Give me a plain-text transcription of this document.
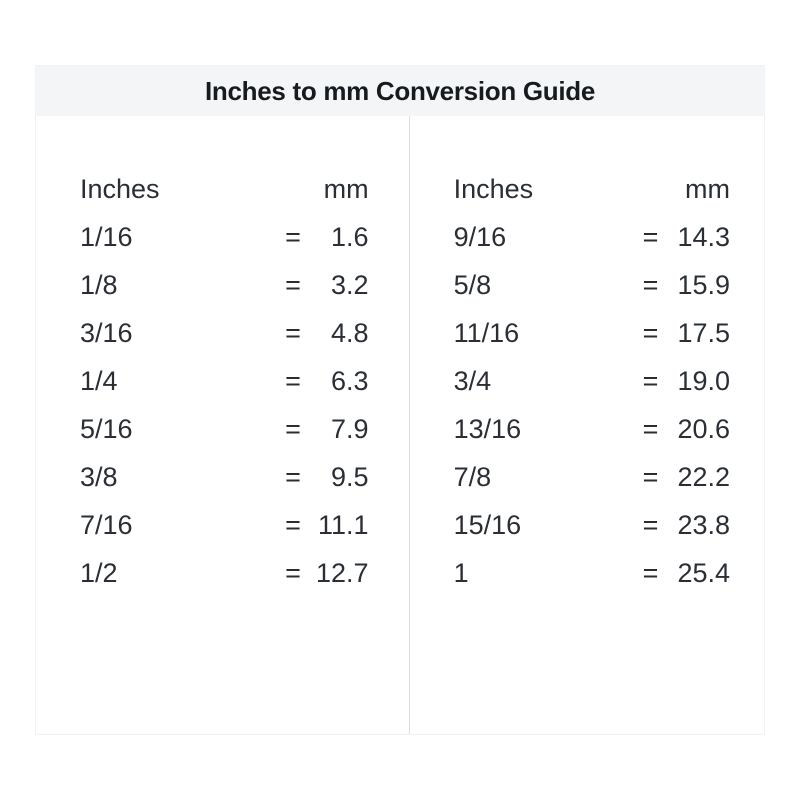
Inches to mm Conversion Guide
Inches	mm
1/16	=	1.6
1/8	=	3.2
3/16	=	4.8
1/4	=	6.3
5/16	=	7.9
3/8	=	9.5
7/16	= 11.1
1/2	= 12.7
Inches	mm
9/16	= 14.3
5/8	= 15.9
11/16	= 17.5
3/4	= 19.0
13/16	= 20.6
7/8	= 22.2
15/16	= 23.8
1	= 25.4
